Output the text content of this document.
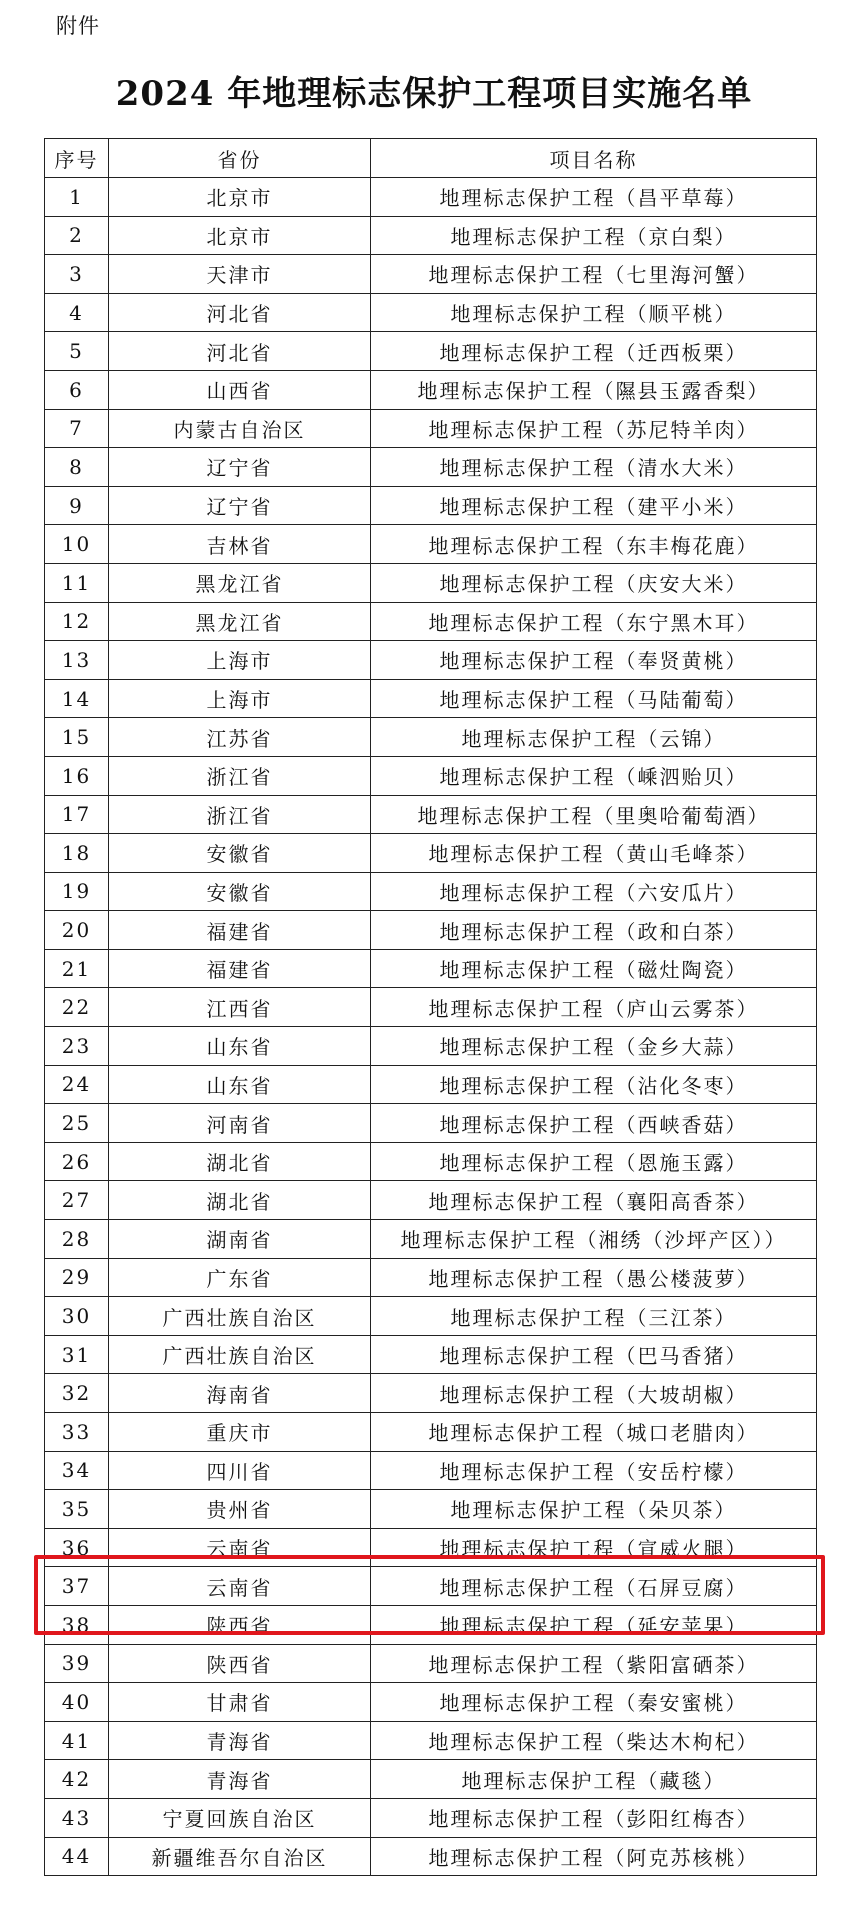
附件
2024 年地理标志保护工程项目实施名单
序号	省份	项目名称
1	北京市	地理标志保护工程（昌平草莓）
2	北京市	地理标志保护工程（京白梨）
3	天津市	地理标志保护工程（七里海河蟹）
4	河北省	地理标志保护工程（顺平桃）
5	河北省	地理标志保护工程（迁西板栗）
6	山西省	地理标志保护工程（隰县玉露香梨）
7	内蒙古自治区	地理标志保护工程（苏尼特羊肉）
8	辽宁省	地理标志保护工程（清水大米）
9	辽宁省	地理标志保护工程（建平小米）
10	吉林省	地理标志保护工程（东丰梅花鹿）
11	黑龙江省	地理标志保护工程（庆安大米）
12	黑龙江省	地理标志保护工程（东宁黑木耳）
13	上海市	地理标志保护工程（奉贤黄桃）
14	上海市	地理标志保护工程（马陆葡萄）
15	江苏省	地理标志保护工程（云锦）
16	浙江省	地理标志保护工程（嵊泗贻贝）
17	浙江省	地理标志保护工程（里奥哈葡萄酒）
18	安徽省	地理标志保护工程（黄山毛峰茶）
19	安徽省	地理标志保护工程（六安瓜片）
20	福建省	地理标志保护工程（政和白茶）
21	福建省	地理标志保护工程（磁灶陶瓷）
22	江西省	地理标志保护工程（庐山云雾茶）
23	山东省	地理标志保护工程（金乡大蒜）
24	山东省	地理标志保护工程（沾化冬枣）
25	河南省	地理标志保护工程（西峡香菇）
26	湖北省	地理标志保护工程（恩施玉露）
27	湖北省	地理标志保护工程（襄阳高香茶）
28	湖南省	地理标志保护工程（湘绣（沙坪产区））
29	广东省	地理标志保护工程（愚公楼菠萝）
30	广西壮族自治区	地理标志保护工程（三江茶）
31	广西壮族自治区	地理标志保护工程（巴马香猪）
32	海南省	地理标志保护工程（大坡胡椒）
33	重庆市	地理标志保护工程（城口老腊肉）
34	四川省	地理标志保护工程（安岳柠檬）
35	贵州省	地理标志保护工程（朵贝茶）
36	云南省	地理标志保护工程（宣威火腿）
37	云南省	地理标志保护工程（石屏豆腐）
38	陕西省	地理标志保护工程（延安苹果）
39	陕西省	地理标志保护工程（紫阳富硒茶）
40	甘肃省	地理标志保护工程（秦安蜜桃）
41	青海省	地理标志保护工程（柴达木枸杞）
42	青海省	地理标志保护工程（藏毯）
43	宁夏回族自治区	地理标志保护工程（彭阳红梅杏）
44	新疆维吾尔自治区	地理标志保护工程（阿克苏核桃）
